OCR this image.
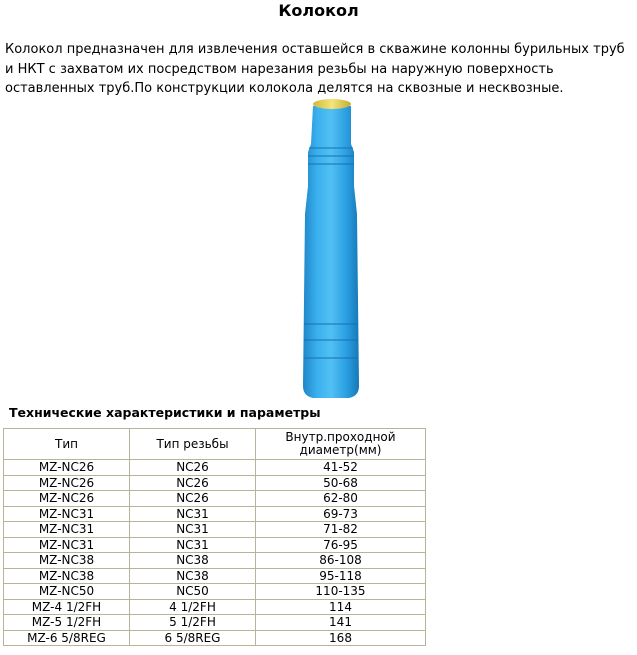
Колокол

Колокол предназначен для извлечения оставшейся в скважине колонны бурильных труб и НКТ с захватом их посредством нарезания резьбы на наружную поверхность оставленных труб.По конструкции колокола делятся на сквозные и несквозные.

Технические характеристики и параметры
Тип	Тип резьбы	Внутр.проходной диаметр(мм)
MZ-NC26	NC26	41-52
MZ-NC26	NC26	50-68
MZ-NC26	NC26	62-80
MZ-NC31	NC31	69-73
MZ-NC31	NC31	71-82
MZ-NC31	NC31	76-95
MZ-NC38	NC38	86-108
MZ-NC38	NC38	95-118
MZ-NC50	NC50	110-135
MZ-4 1/2FH	4 1/2FH	114
MZ-5 1/2FH	5 1/2FH	141
MZ-6 5/8REG	6 5/8REG	168
